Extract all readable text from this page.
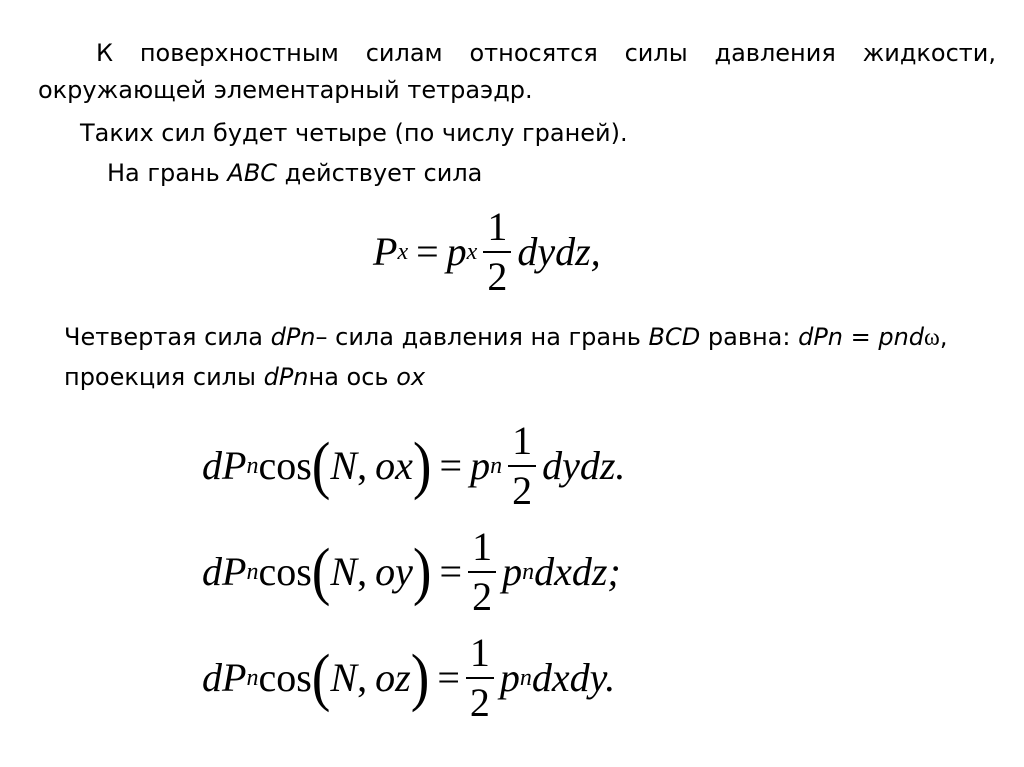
К поверхностным силам относятся силы давления жидкости,
окружающей элементарный тетраэдр.
Таких сил будет четыре (по числу граней).
На грань ABC действует сила
P x = p x $\frac{1}{2}$ dydz,
Четвертая сила dPn– сила давления на грань BCD равна: dPn = pndω,
проекция силы dPnна ось ox
dP n cos ( N , ox ) = p n $\frac{1}{2}$ dydz.
dP n cos ( N , oy ) = $\frac{1}{2}$ p n dxdz;
dP n cos ( N , oz ) = $\frac{1}{2}$ p n dxdy.
